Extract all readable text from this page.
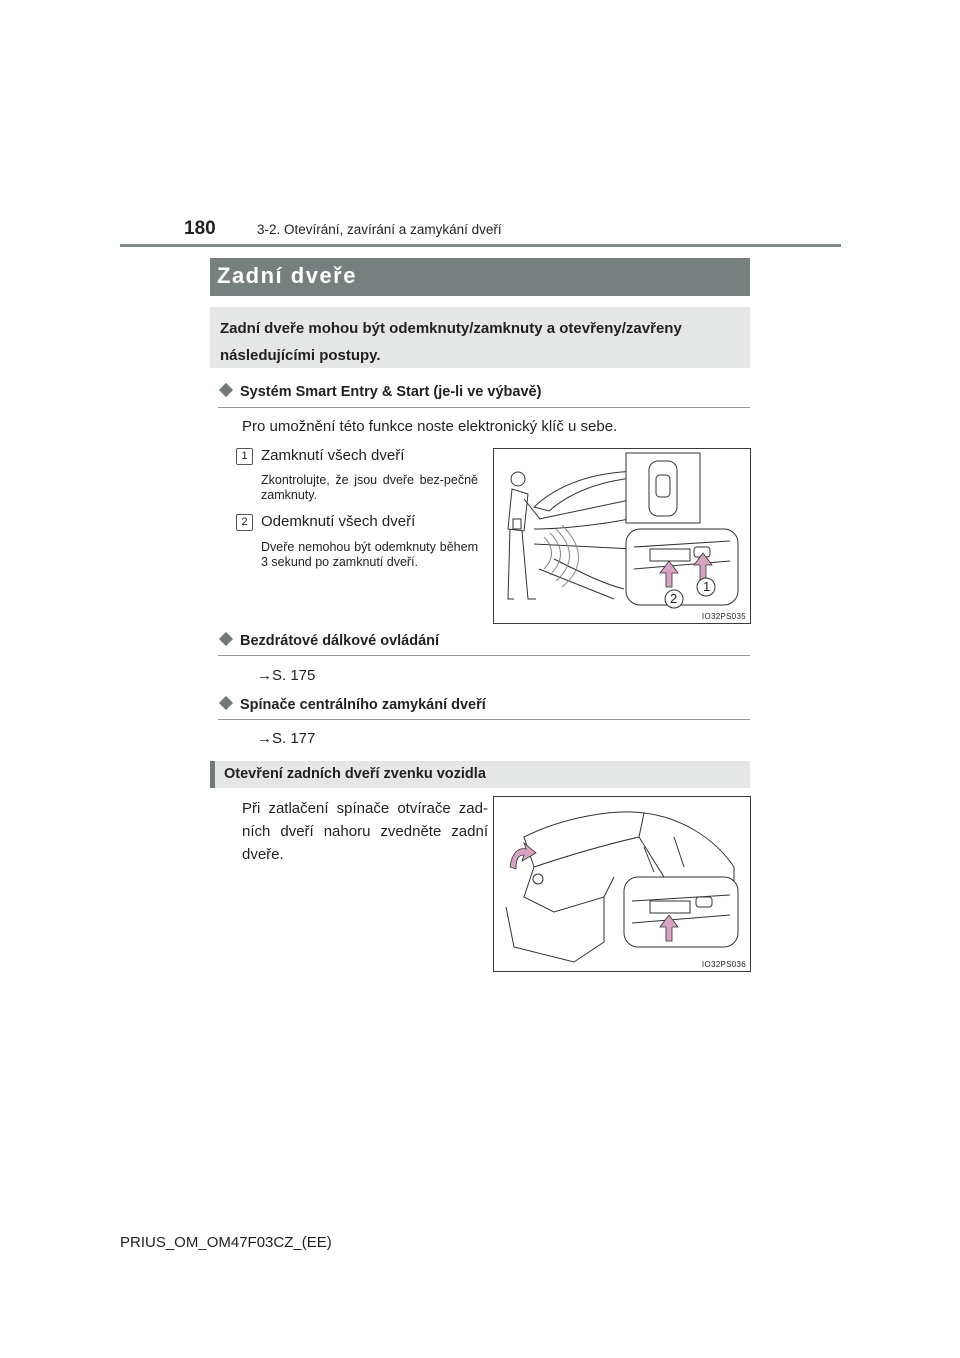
180	3-2. Otevírání, zavírání a zamykání dveří
Zadní dveře
Zadní dveře mohou být odemknuty/zamknuty a otevřeny/zavřeny následujícími postupy.
Systém Smart Entry & Start (je-li ve výbavě)
Pro umožnění této funkce noste elektronický klíč u sebe.
1 Zamknutí všech dveří
Zkontrolujte, že jsou dveře bez-pečně zamknuty.
2 Odemknutí všech dveří
Dveře nemohou být odemknuty během 3 sekund po zamknutí dveří.
1
2
IO32PS035
Bezdrátové dálkové ovládání
→S. 175
Spínače centrálního zamykání dveří
→S. 177
Otevření zadních dveří zvenku vozidla
Při zatlačení spínače otvírače zad-ních dveří nahoru zvedněte zadní dveře.
IO32PS036
PRIUS_OM_OM47F03CZ_(EE)
